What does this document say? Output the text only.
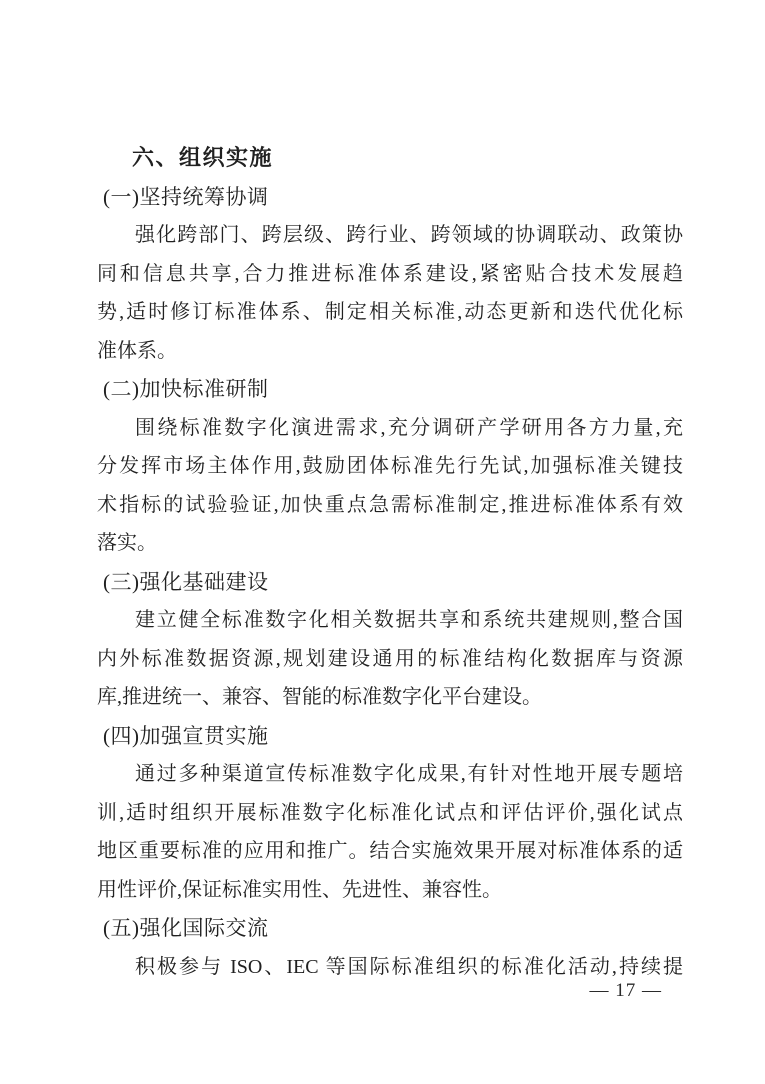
六、组织实施
(一)坚持统筹协调
强化跨部门、跨层级、跨行业、跨领域的协调联动、政策协
同和信息共享,合力推进标准体系建设,紧密贴合技术发展趋
势,适时修订标准体系、制定相关标准,动态更新和迭代优化标
准体系。
(二)加快标准研制
围绕标准数字化演进需求,充分调研产学研用各方力量,充
分发挥市场主体作用,鼓励团体标准先行先试,加强标准关键技
术指标的试验验证,加快重点急需标准制定,推进标准体系有效
落实。
(三)强化基础建设
建立健全标准数字化相关数据共享和系统共建规则,整合国
内外标准数据资源,规划建设通用的标准结构化数据库与资源
库,推进统一、兼容、智能的标准数字化平台建设。
(四)加强宣贯实施
通过多种渠道宣传标准数字化成果,有针对性地开展专题培
训,适时组织开展标准数字化标准化试点和评估评价,强化试点
地区重要标准的应用和推广。结合实施效果开展对标准体系的适
用性评价,保证标准实用性、先进性、兼容性。
(五)强化国际交流
积极参与 ISO、IEC 等国际标准组织的标准化活动,持续提
— 17 —
